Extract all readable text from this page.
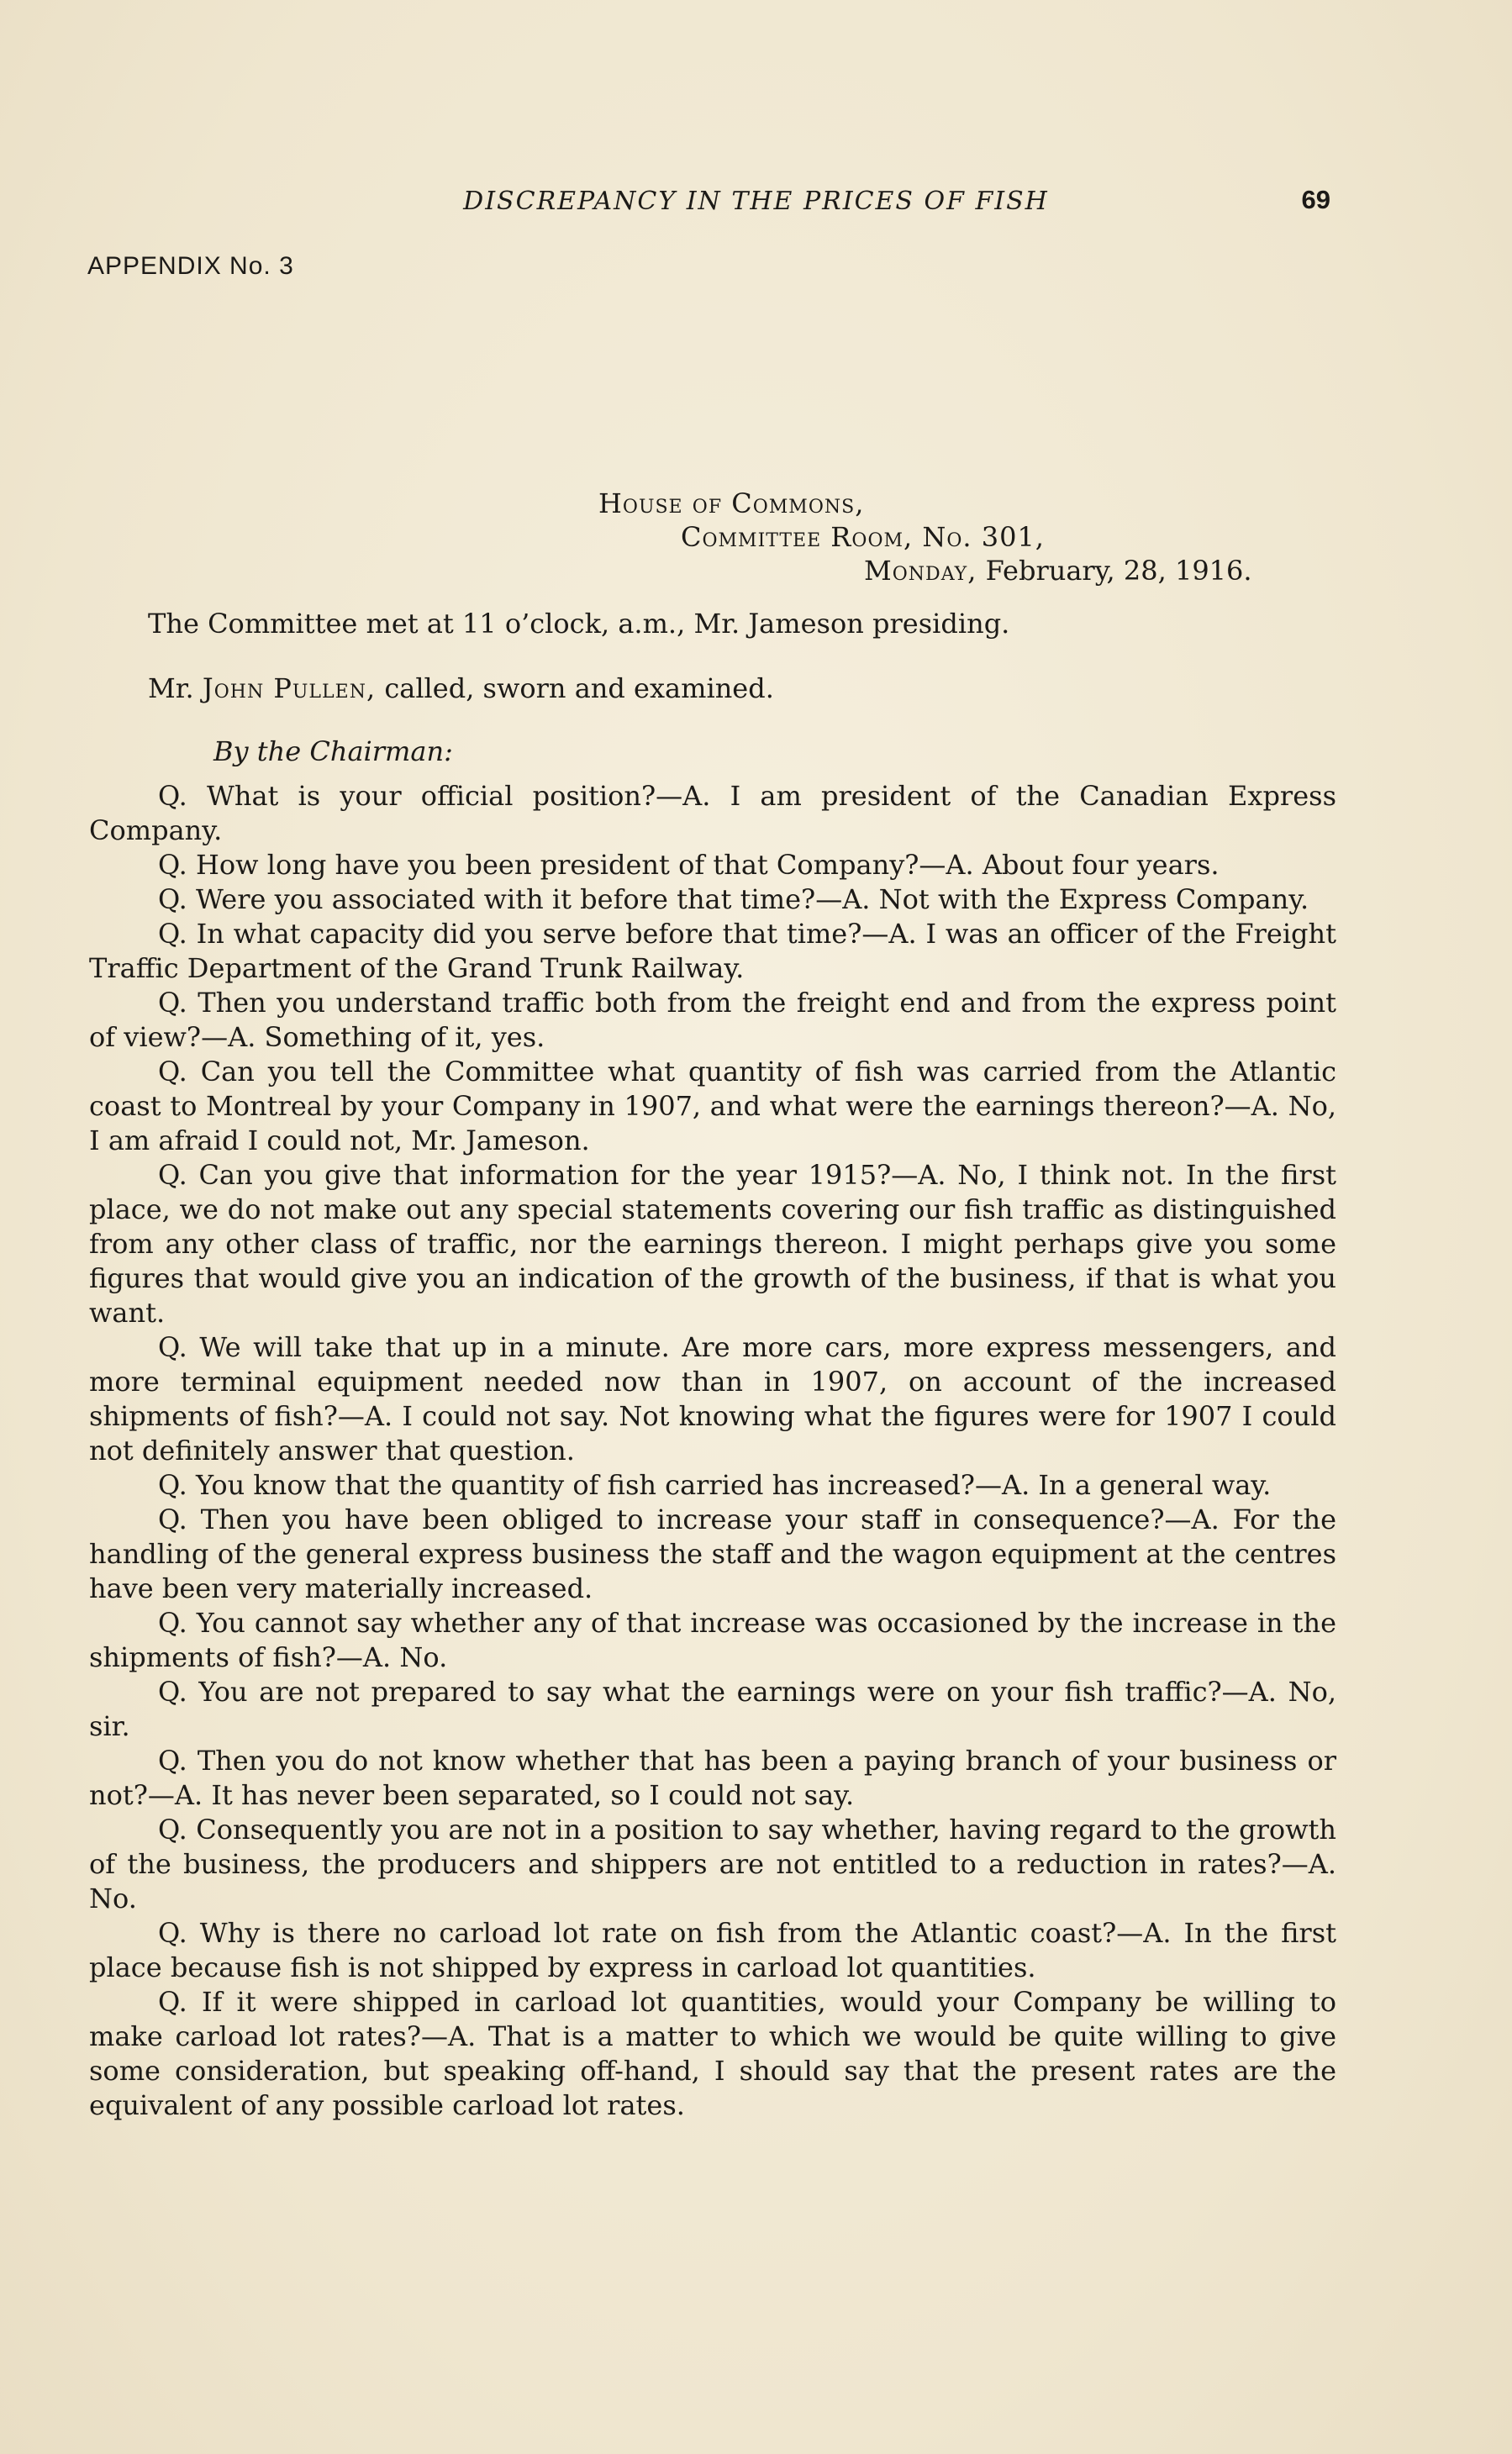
DISCREPANCY IN THE PRICES OF FISH	69
APPENDIX No. 3
House of Commons,
Committee Room, No. 301,
Monday, February, 28, 1916.

The Committee met at 11 o’clock, a.m., Mr. Jameson presiding.

Mr. John Pullen, called, sworn and examined.

By the Chairman:

Q. What is your official position?—A. I am president of the Canadian Express Company.

Q. How long have you been president of that Company?—A. About four years.

Q. Were you associated with it before that time?—A. Not with the Express Company.

Q. In what capacity did you serve before that time?—A. I was an officer of the Freight Traffic Department of the Grand Trunk Railway.

Q. Then you understand traffic both from the freight end and from the express point of view?—A. Something of it, yes.

Q. Can you tell the Committee what quantity of fish was carried from the Atlantic coast to Montreal by your Company in 1907, and what were the earnings thereon?—A. No, I am afraid I could not, Mr. Jameson.

Q. Can you give that information for the year 1915?—A. No, I think not. In the first place, we do not make out any special statements covering our fish traffic as distinguished from any other class of traffic, nor the earnings thereon. I might perhaps give you some figures that would give you an indication of the growth of the business, if that is what you want.

Q. We will take that up in a minute. Are more cars, more express messengers, and more terminal equipment needed now than in 1907, on account of the increased shipments of fish?—A. I could not say. Not knowing what the figures were for 1907 I could not definitely answer that question.

Q. You know that the quantity of fish carried has increased?—A. In a general way.

Q. Then you have been obliged to increase your staff in consequence?—A. For the handling of the general express business the staff and the wagon equipment at the centres have been very materially increased.

Q. You cannot say whether any of that increase was occasioned by the increase in the shipments of fish?—A. No.

Q. You are not prepared to say what the earnings were on your fish traffic?—A. No, sir.

Q. Then you do not know whether that has been a paying branch of your business or not?—A. It has never been separated, so I could not say.

Q. Consequently you are not in a position to say whether, having regard to the growth of the business, the producers and shippers are not entitled to a reduction in rates?—A. No.

Q. Why is there no carload lot rate on fish from the Atlantic coast?—A. In the first place because fish is not shipped by express in carload lot quantities.

Q. If it were shipped in carload lot quantities, would your Company be willing to make carload lot rates?—A. That is a matter to which we would be quite willing to give some consideration, but speaking off-hand, I should say that the present rates are the equivalent of any possible carload lot rates.
